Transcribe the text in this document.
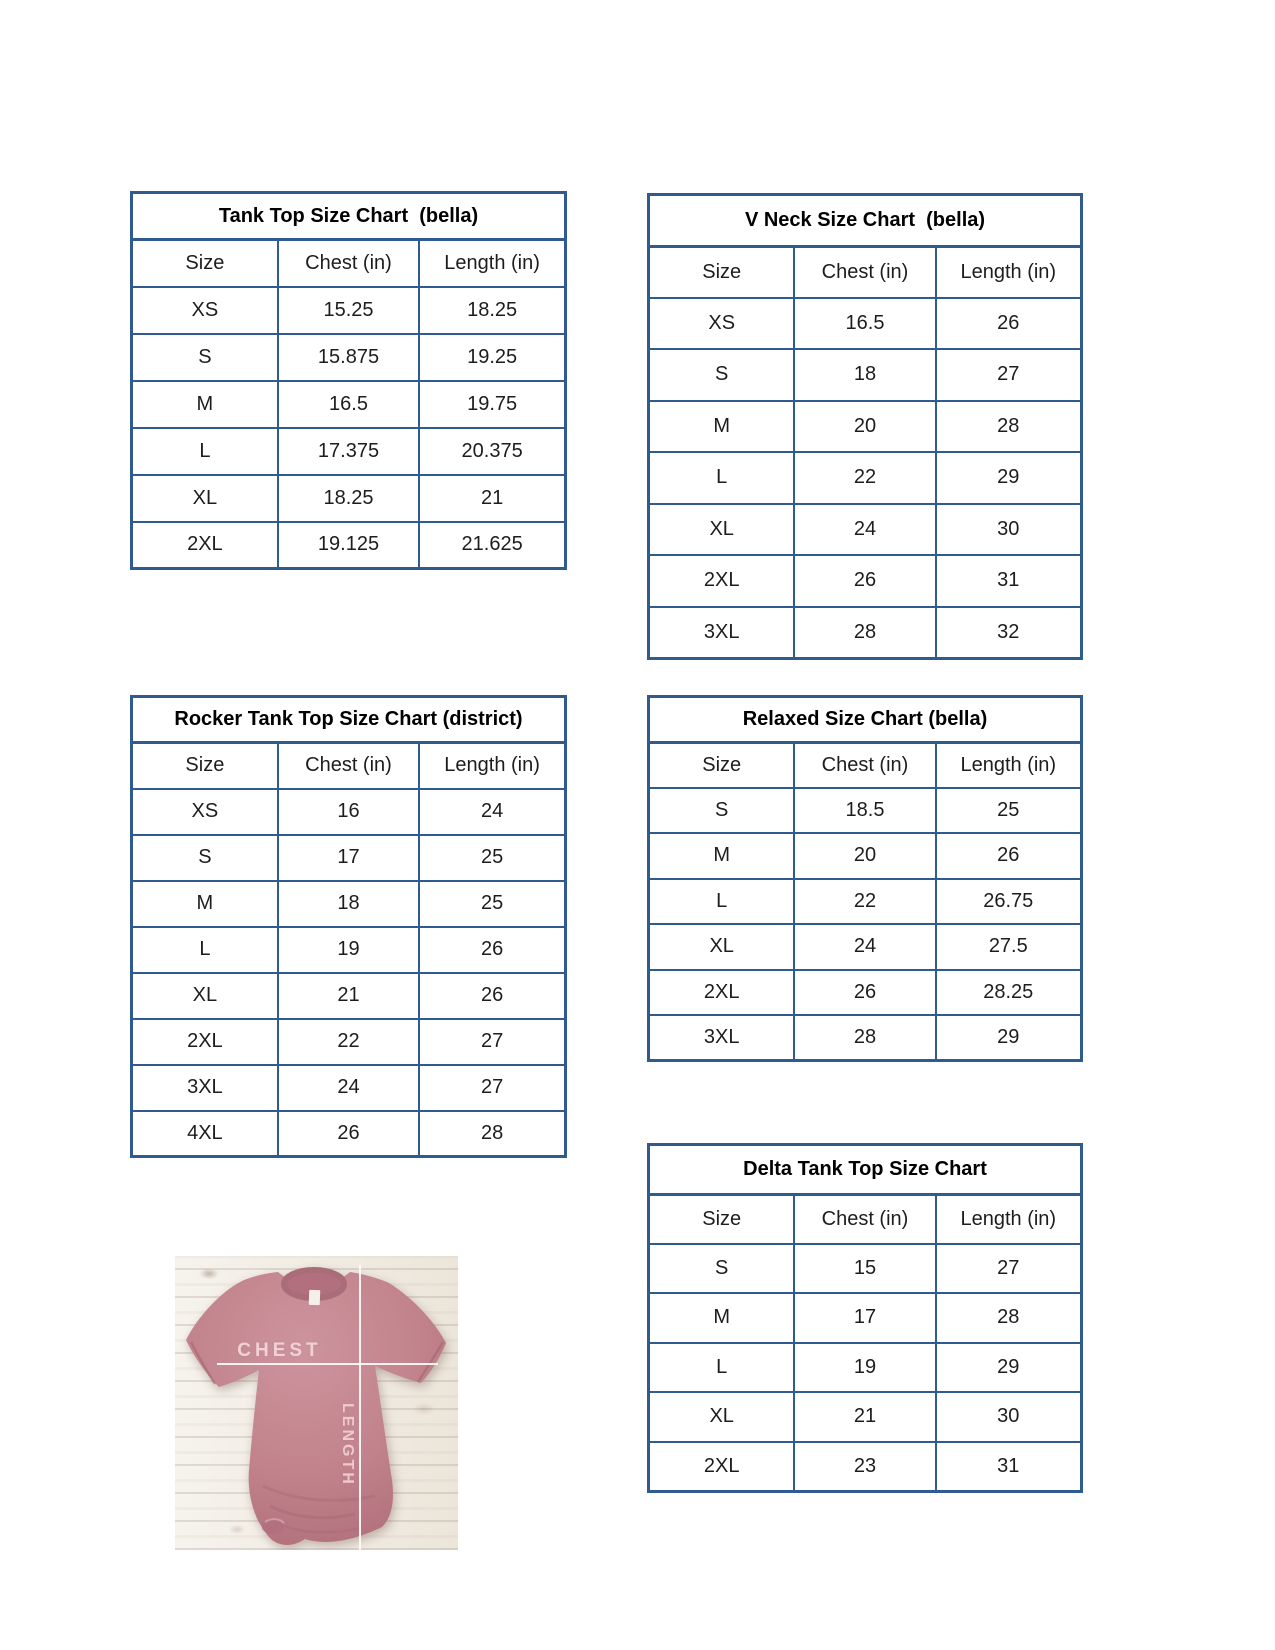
Tank Top Size Chart  (bella)
Size	Chest (in)	Length (in)
XS	15.25	18.25
S	15.875	19.25
M	16.5	19.75
L	17.375	20.375
XL	18.25	21
2XL	19.125	21.625
V Neck Size Chart  (bella)
Size	Chest (in)	Length (in)
XS	16.5	26
S	18	27
M	20	28
L	22	29
XL	24	30
2XL	26	31
3XL	28	32
Rocker Tank Top Size Chart (district)
Size	Chest (in)	Length (in)
XS	16	24
S	17	25
M	18	25
L	19	26
XL	21	26
2XL	22	27
3XL	24	27
4XL	26	28
Relaxed Size Chart (bella)
Size	Chest (in)	Length (in)
S	18.5	25
M	20	26
L	22	26.75
XL	24	27.5
2XL	26	28.25
3XL	28	29
Delta Tank Top Size Chart
Size	Chest (in)	Length (in)
S	15	27
M	17	28
L	19	29
XL	21	30
2XL	23	31
CHEST
LENGTH
